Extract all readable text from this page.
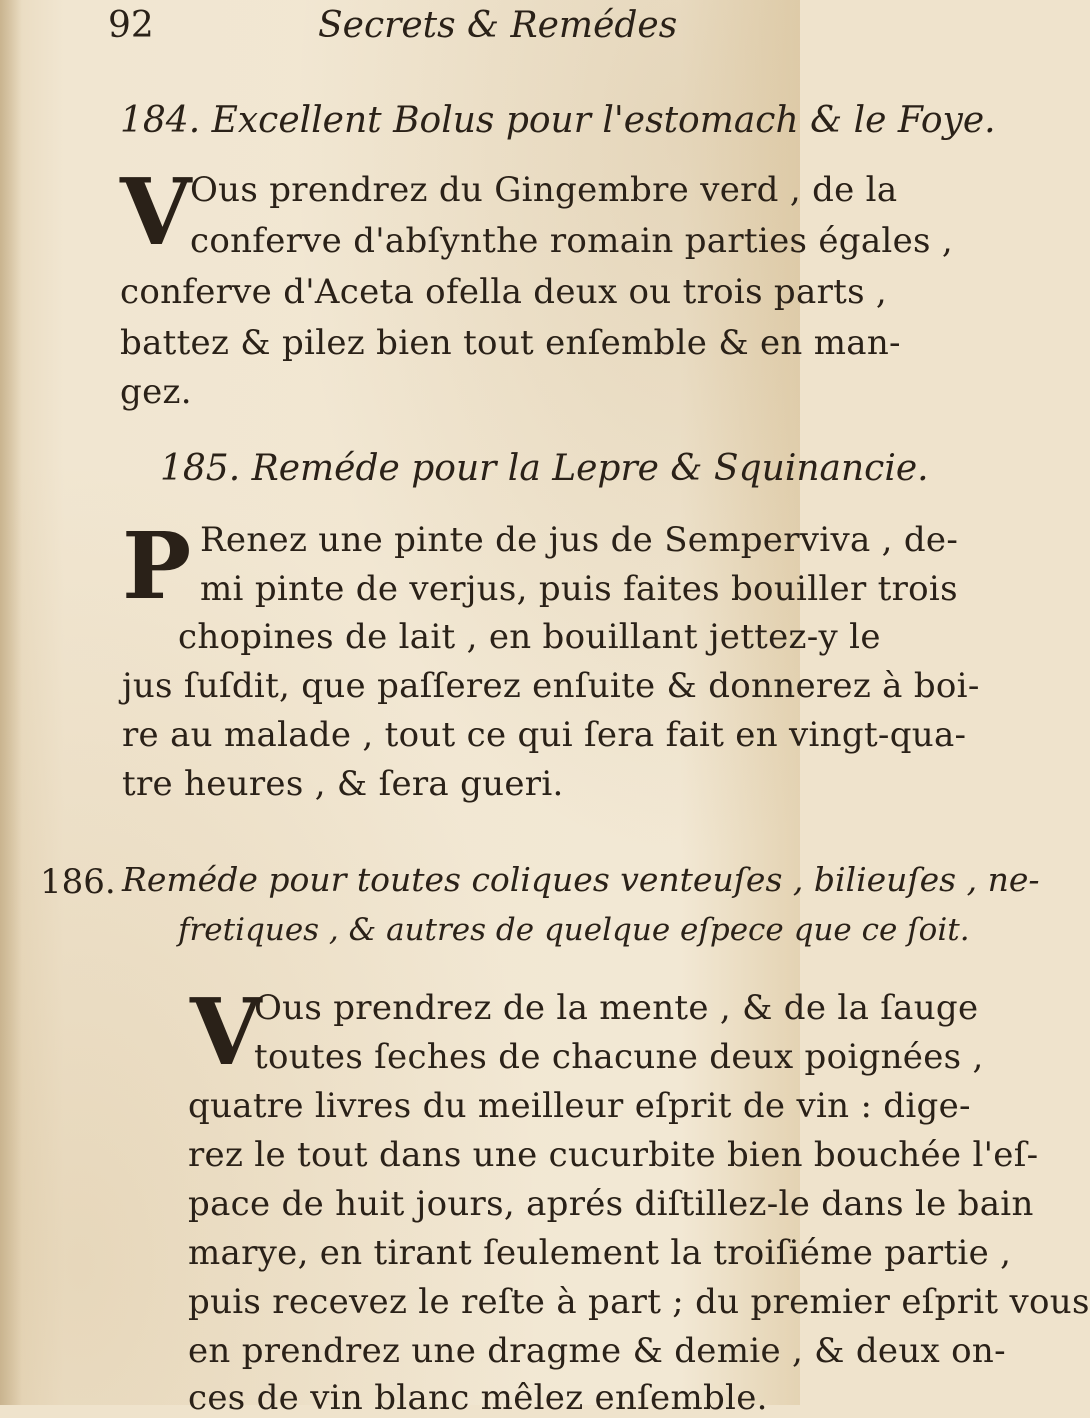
92	Secrets & Remédes
184. Excellent Bolus pour l'estomach & le Foye.
V
Ous prendrez du Gingembre verd , de la
conferve d'abſynthe romain parties égales ,
conferve d'Aceta ofella deux ou trois parts ,
battez & pilez bien tout enſemble & en man-
gez.
185. Reméde pour la Lepre & Squinancie.
P Renez une pinte de jus de Semperviva , de-
mi pinte de verjus, puis faites bouiller trois
chopines de lait , en bouillant jettez-y le
jus ſuſdit, que paſſerez enſuite & donnerez à boi-
re au malade , tout ce qui ſera fait en vingt-qua-
tre heures , & ſera gueri.
186. Reméde pour toutes coliques venteuſes , bilieuſes , ne-
fretiques , & autres de quelque eſpece que ce ſoit.
V
Ous prendrez de la mente , & de la ſauge
toutes ſeches de chacune deux poignées ,
quatre livres du meilleur eſprit de vin : dige-
rez le tout dans une cucurbite bien bouchée l'eſ-
pace de huit jours, aprés diſtillez-le dans le bain
marye, en tirant ſeulement la troiſiéme partie ,
puis recevez le reſte à part ; du premier eſprit vous
en prendrez une dragme & demie , & deux on-
ces de vin blanc mêlez enſemble.
